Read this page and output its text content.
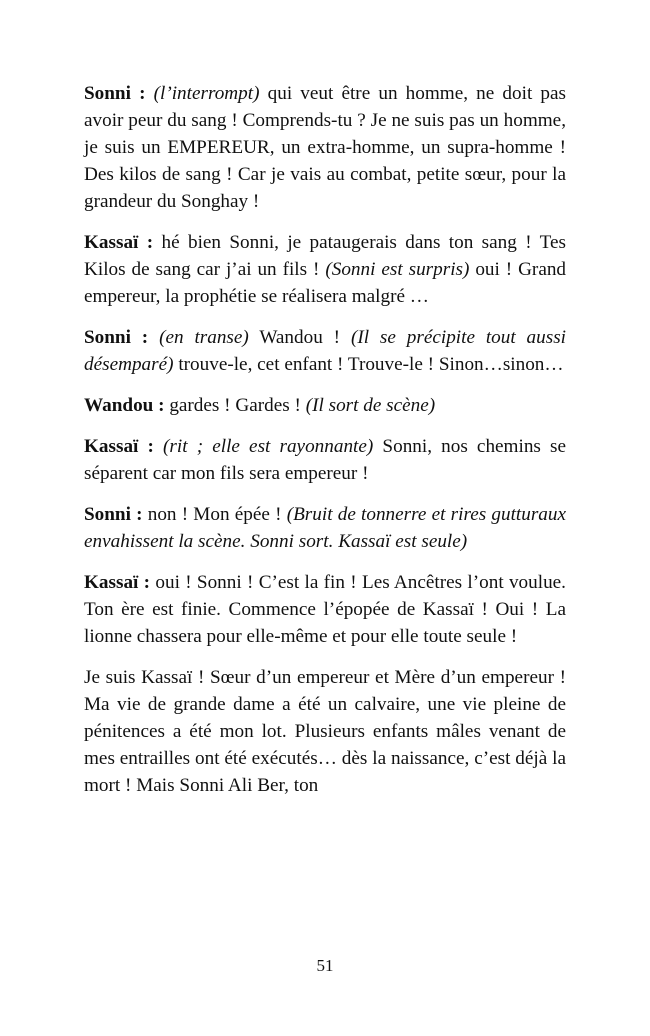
Sonni : (l’interrompt) qui veut être un homme, ne doit pas avoir peur du sang ! Comprends-tu ? Je ne suis pas un homme, je suis un EMPEREUR, un extra-homme, un supra-homme ! Des kilos de sang ! Car je vais au combat, petite sœur, pour la grandeur du Songhay !

Kassaï : hé bien Sonni, je pataugerais dans ton sang ! Tes Kilos de sang car j’ai un fils ! (Sonni est surpris) oui ! Grand empereur, la prophétie se réalisera malgré …

Sonni : (en transe) Wandou ! (Il se précipite tout aussi désemparé) trouve-le, cet enfant ! Trouve-le ! Sinon…sinon…

Wandou : gardes ! Gardes ! (Il sort de scène)

Kassaï : (rit ; elle est rayonnante) Sonni, nos chemins se séparent car mon fils sera empereur !

Sonni : non ! Mon épée ! (Bruit de tonnerre et rires gutturaux envahissent la scène. Sonni sort. Kassaï est seule)

Kassaï : oui ! Sonni ! C’est la fin ! Les Ancêtres l’ont voulue. Ton ère est finie. Commence l’épopée de Kassaï ! Oui ! La lionne chassera pour elle-même et pour elle toute seule !

Je suis Kassaï ! Sœur d’un empereur et Mère d’un empereur ! Ma vie de grande dame a été un calvaire, une vie pleine de pénitences a été mon lot. Plusieurs enfants mâles venant de mes entrailles ont été exécutés… dès la naissance, c’est déjà la mort ! Mais Sonni Ali Ber, ton

51
